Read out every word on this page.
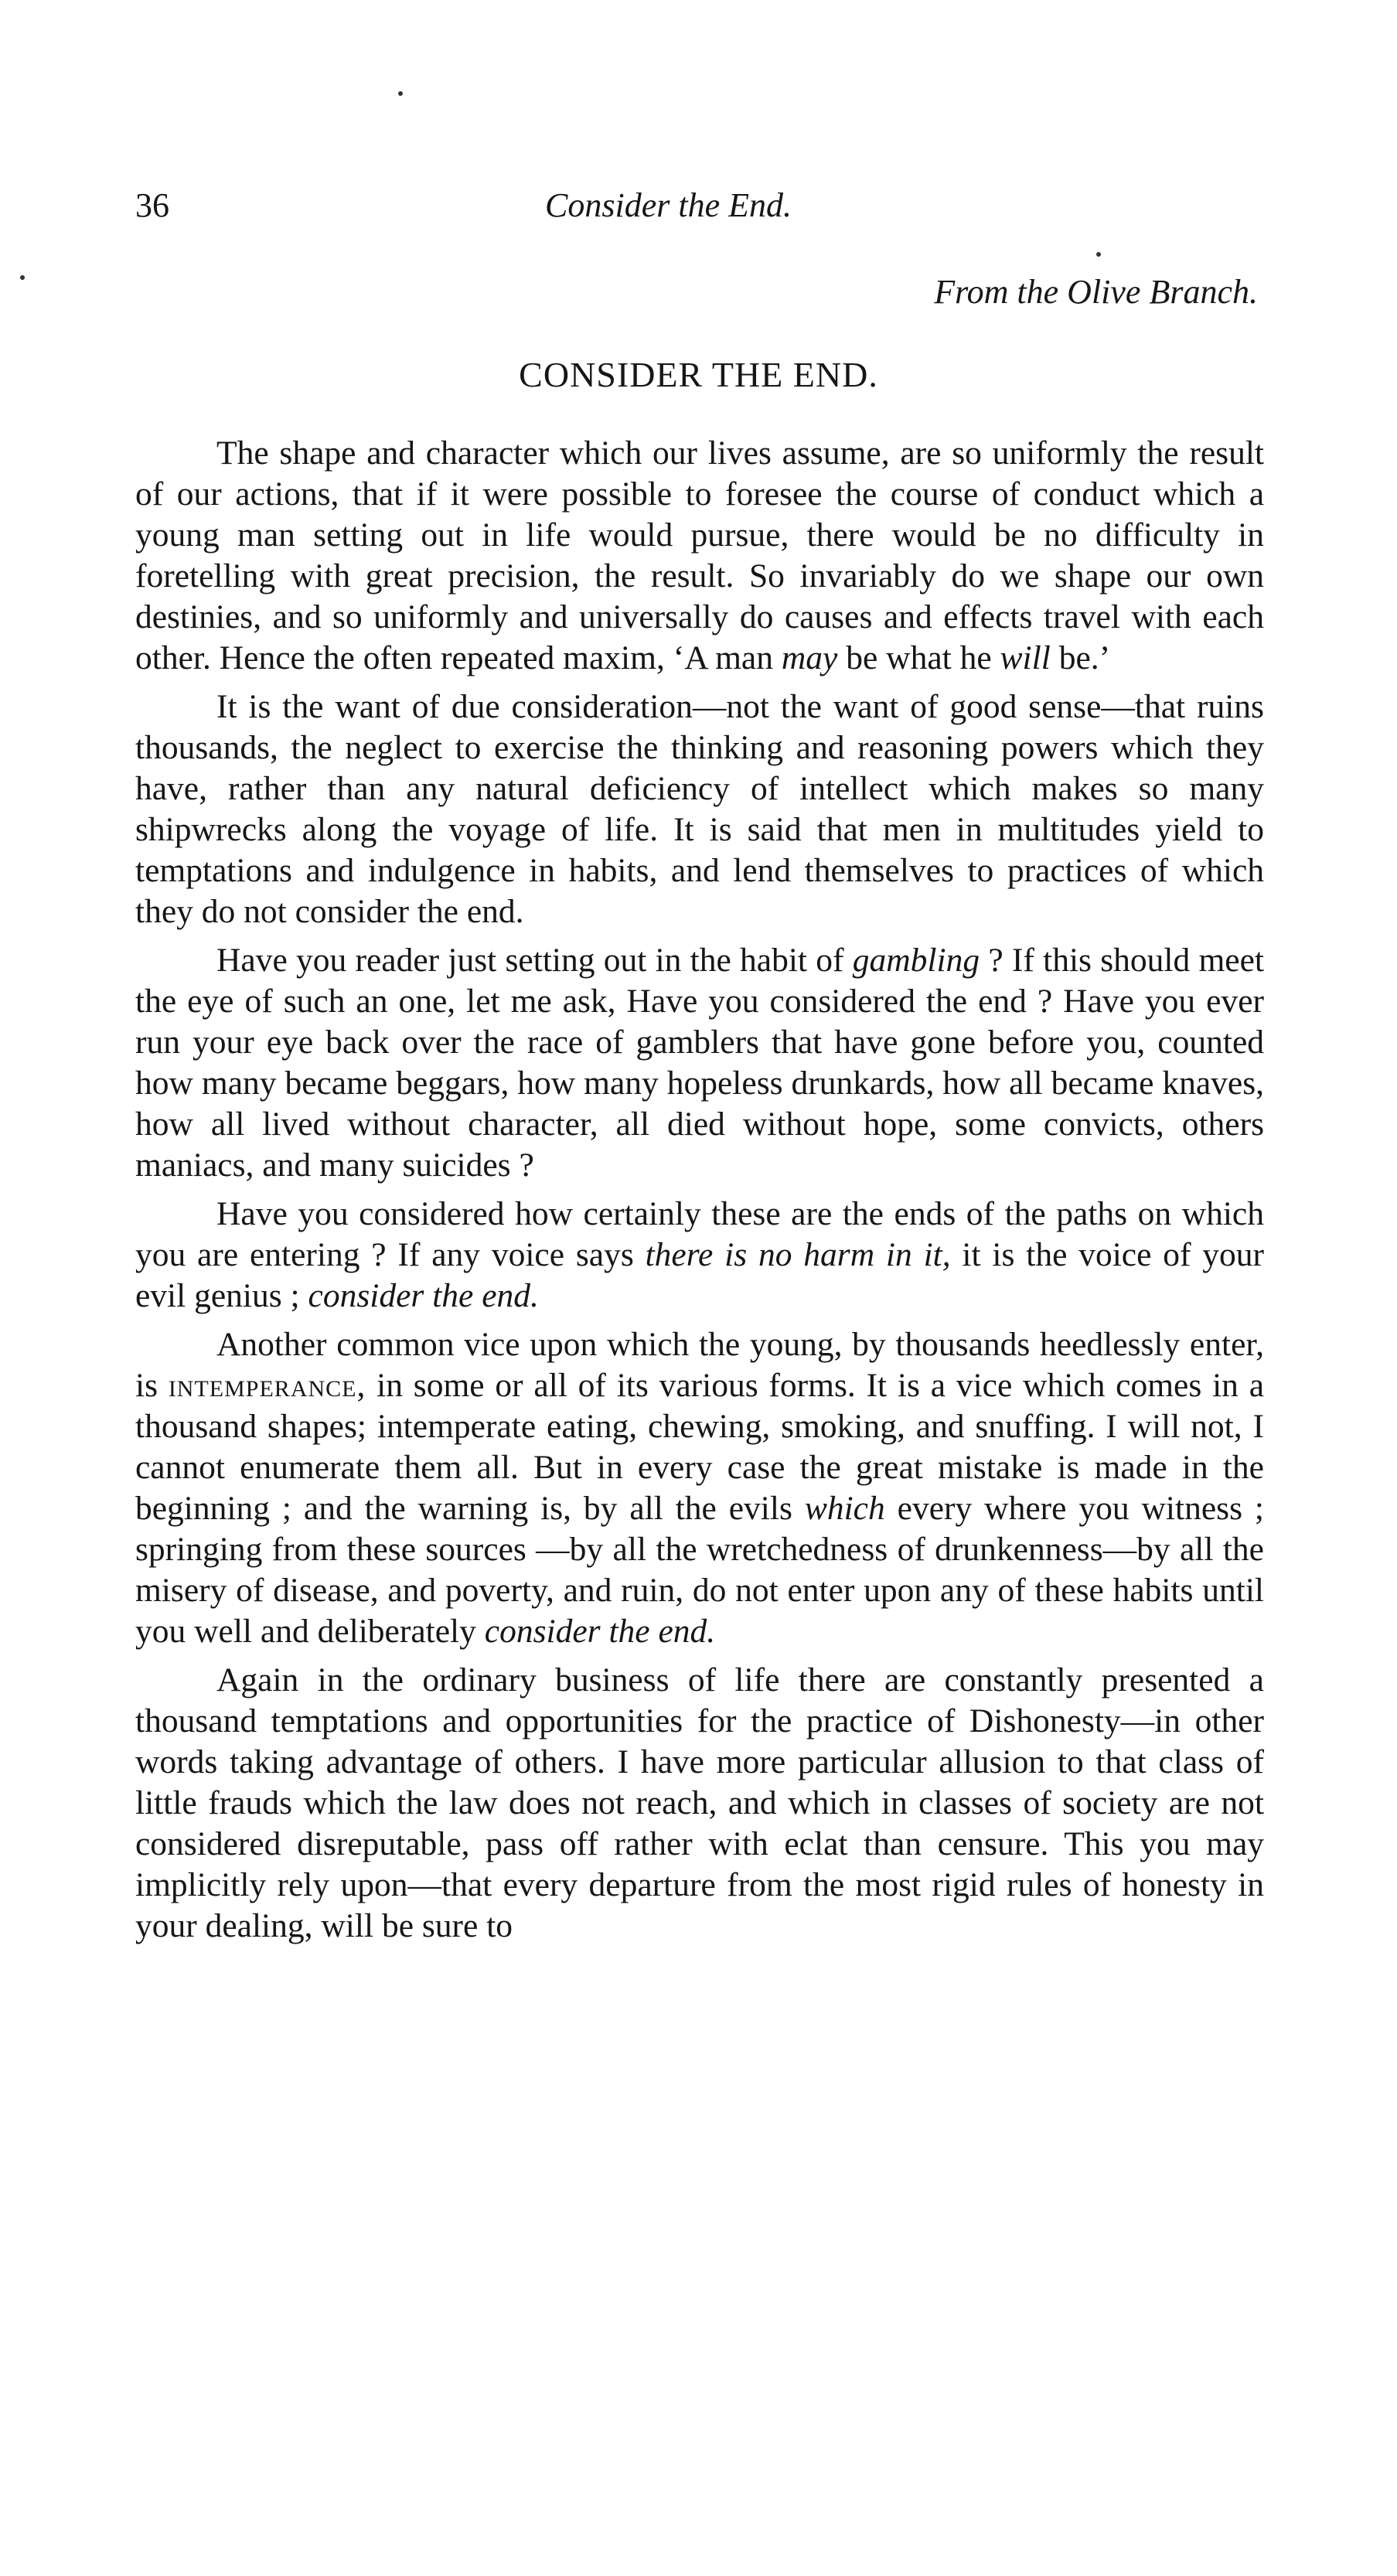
36	Consider the End.
From the Olive Branch.
CONSIDER THE END.

The shape and character which our lives assume, are so uniformly the result of our actions, that if it were possible to foresee the course of conduct which a young man setting out in life would pursue, there would be no difficulty in foretelling with great precision, the result. So invariably do we shape our own destinies, and so uniformly and universally do causes and effects travel with each other. Hence the often repeated maxim, ‘A man may be what he will be.’

It is the want of due consideration—not the want of good sense—that ruins thousands, the neglect to exercise the thinking and reasoning powers which they have, rather than any natural deficiency of intellect which makes so many shipwrecks along the voyage of life. It is said that men in multitudes yield to temptations and indulgence in habits, and lend themselves to practices of which they do not consider the end.

Have you reader just setting out in the habit of gambling ? If this should meet the eye of such an one, let me ask, Have you considered the end ? Have you ever run your eye back over the race of gamblers that have gone before you, counted how many became beggars, how many hopeless drunkards, how all became knaves, how all lived without character, all died without hope, some convicts, others maniacs, and many suicides ?

Have you considered how certainly these are the ends of the paths on which you are entering ? If any voice says there is no harm in it, it is the voice of your evil genius ; consider the end.

Another common vice upon which the young, by thousands heedlessly enter, is intemperance, in some or all of its various forms. It is a vice which comes in a thousand shapes; intemperate eating, chewing, smoking, and snuffing. I will not, I cannot enumerate them all. But in every case the great mistake is made in the beginning ; and the warning is, by all the evils which every where you witness ; springing from these sources —by all the wretchedness of drunkenness—by all the misery of disease, and poverty, and ruin, do not enter upon any of these habits until you well and deliberately consider the end.

Again in the ordinary business of life there are constantly presented a thousand temptations and opportunities for the practice of Dishonesty—in other words taking advantage of others. I have more particular allusion to that class of little frauds which the law does not reach, and which in classes of society are not considered disreputable, pass off rather with eclat than censure. This you may implicitly rely upon—that every departure from the most rigid rules of honesty in your dealing, will be sure to
